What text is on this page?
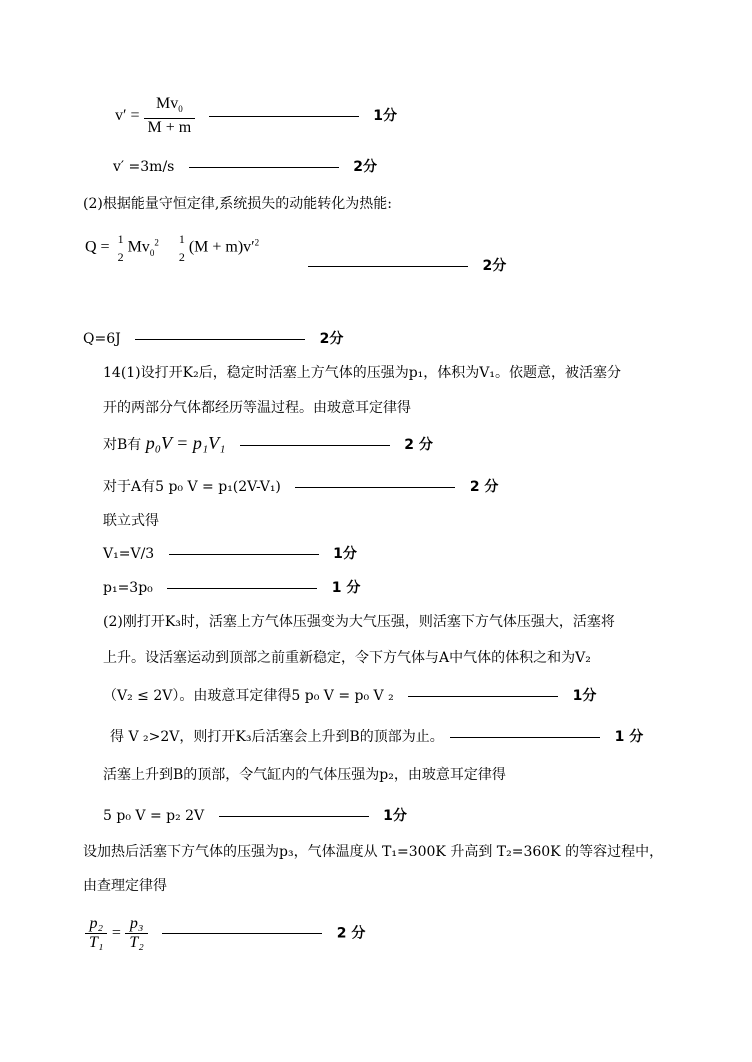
$v' = \frac{Mv_0}{M + m}$	1分
v′ =3m/s	2分
(2)根据能量守恒定律,系统损失的动能转化为热能:
Q = 1
2
$Mv_0^2$	1
2
$(M + m)v'^2$
2分
Q=6J	2分
14(1)设打开K₂后，稳定时活塞上方气体的压强为p₁，体积为V₁。依题意，被活塞分
开的两部分气体都经历等温过程。由玻意耳定律得
对B有 p₀V = p₁V₁	2 分
对于A有5 p₀ V = p₁(2V-V₁)	2 分
联立式得
V₁=V/3	1分
p₁=3p₀	1 分
(2)刚打开K₃时，活塞上方气体压强变为大气压强，则活塞下方气体压强大，活塞将
上升。设活塞运动到顶部之前重新稳定，令下方气体与A中气体的体积之和为V₂
（V₂ ≤ 2V）。由玻意耳定律得5 p₀ V = p₀ V ₂	1分
得 V ₂>2V，则打开K₃后活塞会上升到B的顶部为止。	1 分
活塞上升到B的顶部，令气缸内的气体压强为p₂，由玻意耳定律得
5 p₀ V = p₂ 2V	1分
设加热后活塞下方气体的压强为p₃，气体温度从 T₁=300K 升高到 T₂=360K 的等容过程中，
由查理定律得
$\frac{\text{p₂}}{\text{T₁}} = \frac{\text{p₃}}{\text{T₂}}$	2 分
